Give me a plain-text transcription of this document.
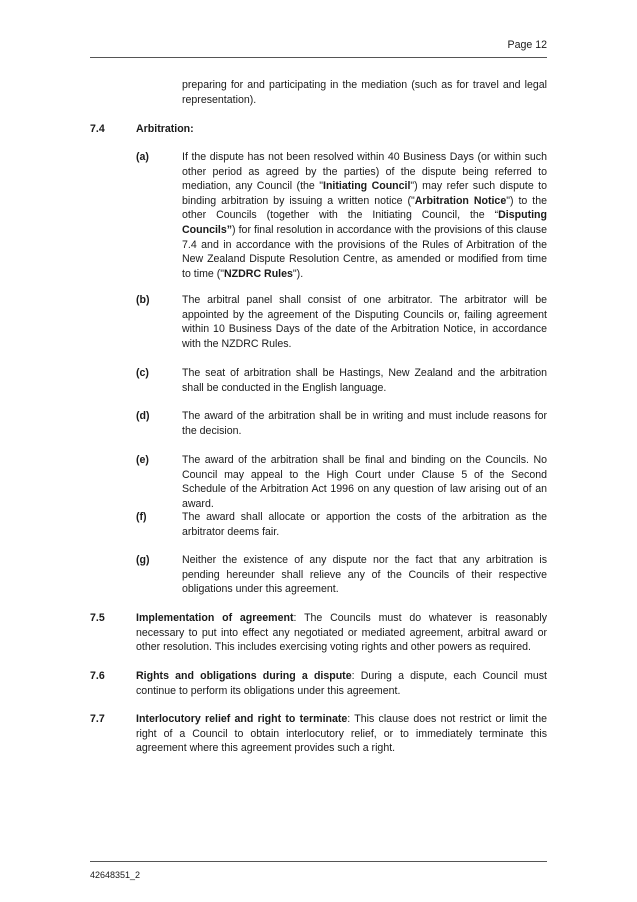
Page 12
preparing for and participating in the mediation (such as for travel and legal representation).
7.4	Arbitration:
(a)	If the dispute has not been resolved within 40 Business Days (or within such other period as agreed by the parties) of the dispute being referred to mediation, any Council (the "Initiating Council") may refer such dispute to binding arbitration by issuing a written notice ("Arbitration Notice") to the other Councils (together with the Initiating Council, the “Disputing Councils”) for final resolution in accordance with the provisions of this clause 7.4 and in accordance with the provisions of the Rules of Arbitration of the New Zealand Dispute Resolution Centre, as amended or modified from time to time ("NZDRC Rules").
(b)	The arbitral panel shall consist of one arbitrator. The arbitrator will be appointed by the agreement of the Disputing Councils or, failing agreement within 10 Business Days of the date of the Arbitration Notice, in accordance with the NZDRC Rules.
(c)	The seat of arbitration shall be Hastings, New Zealand and the arbitration shall be conducted in the English language.
(d)	The award of the arbitration shall be in writing and must include reasons for the decision.
(e)	The award of the arbitration shall be final and binding on the Councils. No Council may appeal to the High Court under Clause 5 of the Second Schedule of the Arbitration Act 1996 on any question of law arising out of an award.
(f)	The award shall allocate or apportion the costs of the arbitration as the arbitrator deems fair.
(g)	Neither the existence of any dispute nor the fact that any arbitration is pending hereunder shall relieve any of the Councils of their respective obligations under this agreement.
7.5	Implementation of agreement: The Councils must do whatever is reasonably necessary to put into effect any negotiated or mediated agreement, arbitral award or other resolution. This includes exercising voting rights and other powers as required.
7.6	Rights and obligations during a dispute: During a dispute, each Council must continue to perform its obligations under this agreement.
7.7	Interlocutory relief and right to terminate: This clause does not restrict or limit the right of a Council to obtain interlocutory relief, or to immediately terminate this agreement where this agreement provides such a right.
42648351_2
